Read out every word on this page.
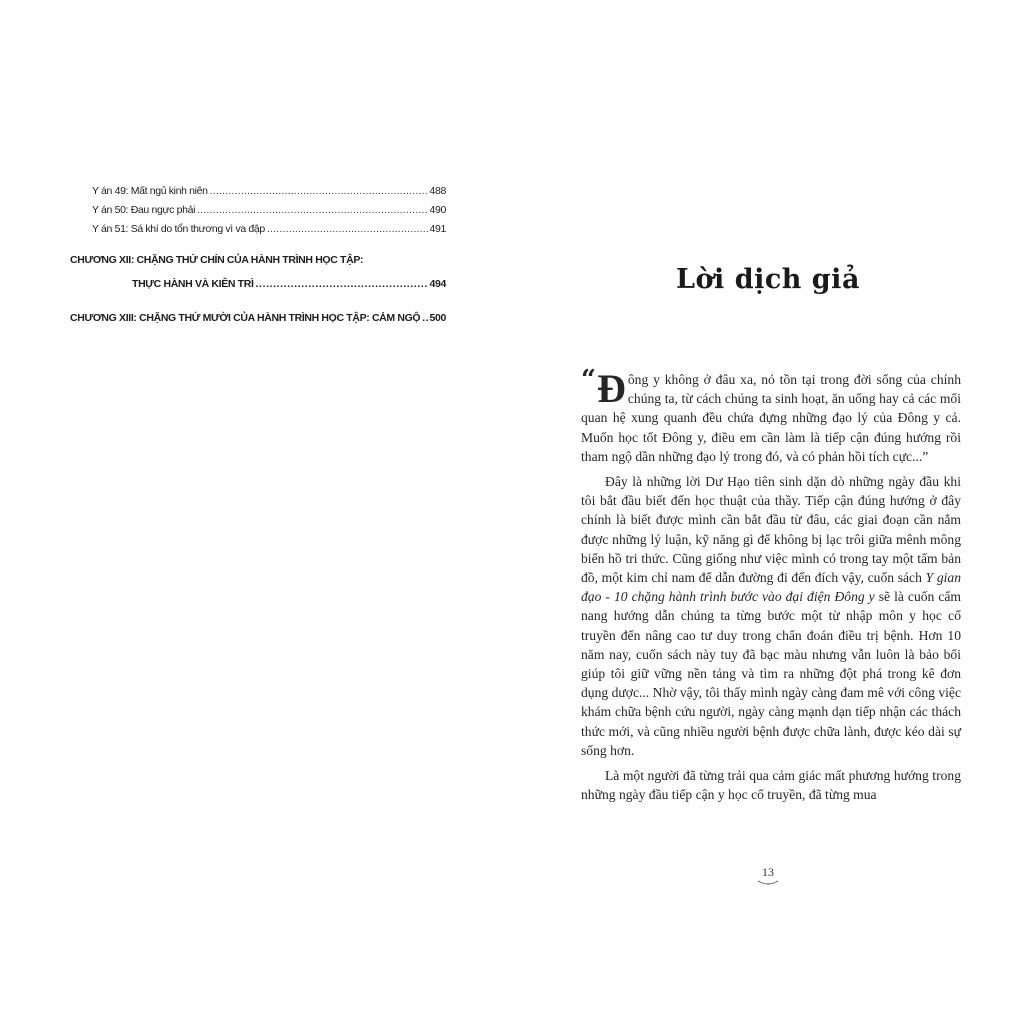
Y án 49: Mất ngủ kinh niên .....	488
Y án 50: Đau ngực phải .....	490
Y án 51: Sá khí do tổn thương vì va đập .....	491
CHƯƠNG XII: CHẶNG THỨ CHÍN CỦA HÀNH TRÌNH HỌC TẬP:
THỰC HÀNH VÀ KIÊN TRÌ .....	494
CHƯƠNG XIII: CHẶNG THỨ MƯỜI CỦA HÀNH TRÌNH HỌC TẬP: CẢM NGỘ ..... 500
Lời dịch giả

“ Đ ông y không ở đâu xa, nó tồn tại trong đời sống của chính chúng ta, từ cách chúng ta sinh hoạt, ăn uống hay cả các mối quan hệ xung quanh đều chứa đựng những đạo lý của Đông y cả. Muốn học tốt Đông y, điều em cần làm là tiếp cận đúng hướng rồi tham ngộ dần những đạo lý trong đó, và có phản hồi tích cực...”

Đây là những lời Dư Hạo tiên sinh dặn dò những ngày đầu khi tôi bắt đầu biết đến học thuật của thầy. Tiếp cận đúng hướng ở đây chính là biết được mình cần bắt đầu từ đâu, các giai đoạn cần nắm được những lý luận, kỹ năng gì để không bị lạc trôi giữa mênh mông biển hồ tri thức. Cũng giống như việc mình có trong tay một tấm bản đồ, một kim chỉ nam để dẫn đường đi đến đích vậy, cuốn sách Y gian đạo - 10 chặng hành trình bước vào đại điện Đông y sẽ là cuốn cẩm nang hướng dẫn chúng ta từng bước một từ nhập môn y học cổ truyền đến nâng cao tư duy trong chẩn đoán điều trị bệnh. Hơn 10 năm nay, cuốn sách này tuy đã bạc màu nhưng vẫn luôn là bảo bối giúp tôi giữ vững nền tảng và tìm ra những đột phá trong kê đơn dụng dược... Nhờ vậy, tôi thấy mình ngày càng đam mê với công việc khám chữa bệnh cứu người, ngày càng mạnh dạn tiếp nhận các thách thức mới, và cũng nhiều người bệnh được chữa lành, được kéo dài sự sống hơn.

Là một người đã từng trải qua cảm giác mất phương hướng trong những ngày đầu tiếp cận y học cổ truyền, đã từng mua

13
